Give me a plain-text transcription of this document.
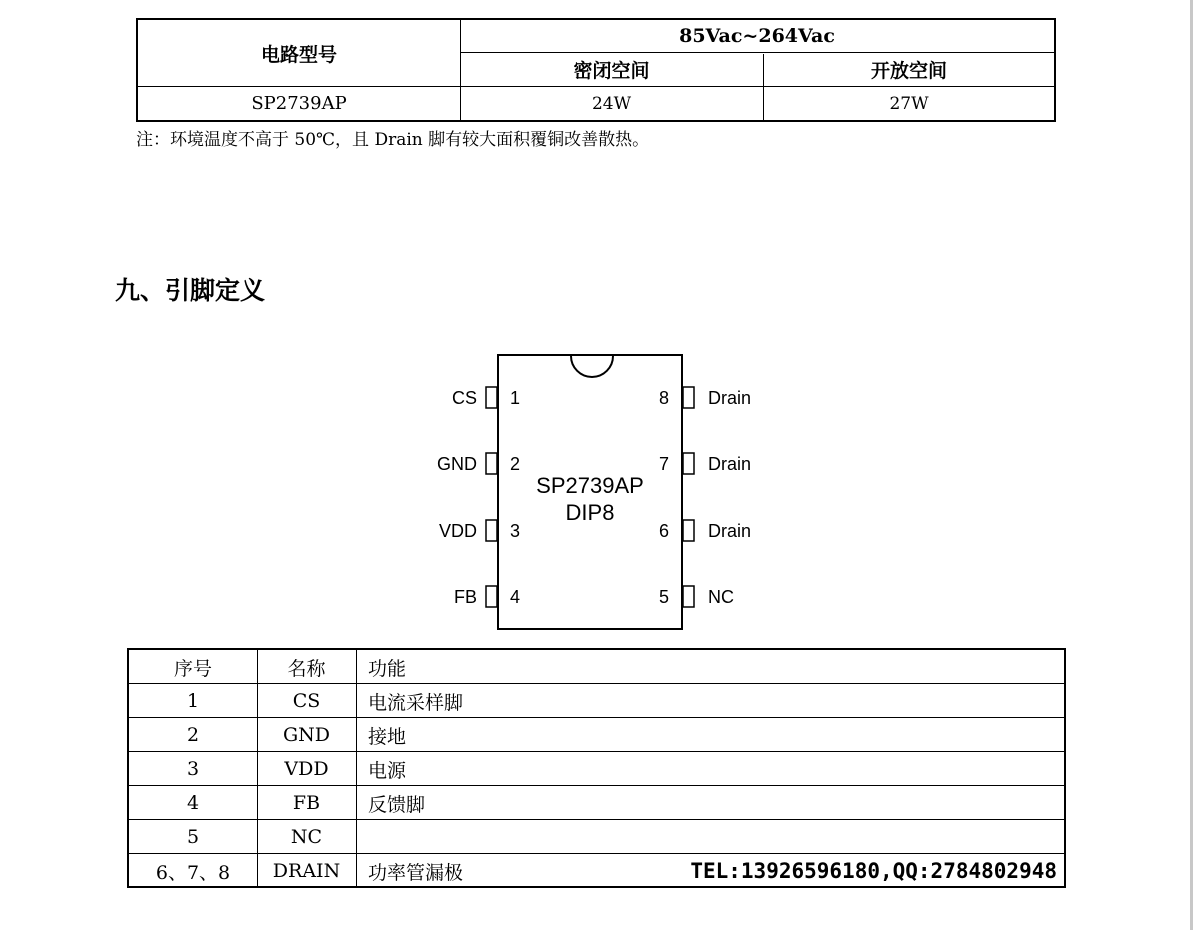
电路型号
85Vac~264Vac
密闭空间	开放空间
SP2739AP	24W	27W
注：环境温度不高于 50℃，且 Drain 脚有较大面积覆铜改善散热。
九、引脚定义
SP2739AP
DIP8
CS 1
GND 2
VDD 3
FB 4
Drain
8
Drain
7
Drain
6
NC
5
序号	名称	功能
1	CS	电流采样脚
2	GND	接地
3	VDD	电源
4	FB	反馈脚
5	NC
6、7、8	DRAIN	功率管漏极	TEL:13926596180,QQ:2784802948
